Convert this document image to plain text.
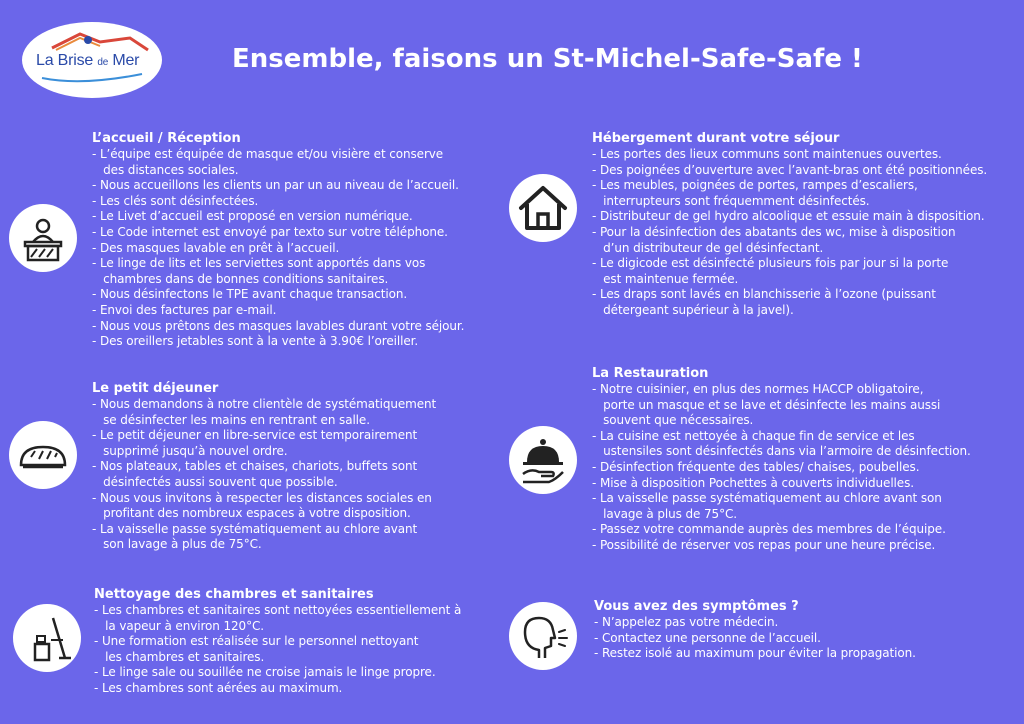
La Brise de Mer	Ensemble, faisons un St-Michel-Safe-Safe !
L’accueil / Réception
- L’équipe est équipée de masque et/ou visière et conserve
des distances sociales.
- Nous accueillons les clients un par un au niveau de l’accueil.
- Les clés sont désinfectées.
- Le Livet d’accueil est proposé en version numérique.
- Le Code internet est envoyé par texto sur votre téléphone.
- Des masques lavable en prêt à l’accueil.
- Le linge de lits et les serviettes sont apportés dans vos
chambres dans de bonnes conditions sanitaires.
- Nous désinfectons le TPE avant chaque transaction.
- Envoi des factures par e-mail.
- Nous vous prêtons des masques lavables durant votre séjour.
- Des oreillers jetables sont à la vente à 3.90€ l’oreiller.
Le petit déjeuner
- Nous demandons à notre clientèle de systématiquement
se désinfecter les mains en rentrant en salle.
- Le petit déjeuner en libre-service est temporairement
supprimé jusqu’à nouvel ordre.
- Nos plateaux, tables et chaises, chariots, buffets sont
désinfectés aussi souvent que possible.
- Nous vous invitons à respecter les distances sociales en
profitant des nombreux espaces à votre disposition.
- La vaisselle passe systématiquement au chlore avant
son lavage à plus de 75°C.
Nettoyage des chambres et sanitaires
- Les chambres et sanitaires sont nettoyées essentiellement à
la vapeur à environ 120°C.
- Une formation est réalisée sur le personnel nettoyant
les chambres et sanitaires.
- Le linge sale ou souillée ne croise jamais le linge propre.
- Les chambres sont aérées au maximum.
Hébergement durant votre séjour
- Les portes des lieux communs sont maintenues ouvertes.
- Des poignées d’ouverture avec l’avant-bras ont été positionnées.
- Les meubles, poignées de portes, rampes d’escaliers,
interrupteurs sont fréquemment désinfectés.
- Distributeur de gel hydro alcoolique et essuie main à disposition.
- Pour la désinfection des abatants des wc, mise à disposition
d’un distributeur de gel désinfectant.
- Le digicode est désinfecté plusieurs fois par jour si la porte
est maintenue fermée.
- Les draps sont lavés en blanchisserie à l’ozone (puissant
détergeant supérieur à la javel).
La Restauration
- Notre cuisinier, en plus des normes HACCP obligatoire,
porte un masque et se lave et désinfecte les mains aussi
souvent que nécessaires.
- La cuisine est nettoyée à chaque fin de service et les
ustensiles sont désinfectés dans via l’armoire de désinfection.
- Désinfection fréquente des tables/ chaises, poubelles.
- Mise à disposition Pochettes à couverts individuelles.
- La vaisselle passe systématiquement au chlore avant son
lavage à plus de 75°C.
- Passez votre commande auprès des membres de l’équipe.
- Possibilité de réserver vos repas pour une heure précise.
Vous avez des symptômes ?
- N’appelez pas votre médecin.
- Contactez une personne de l’accueil.
- Restez isolé au maximum pour éviter la propagation.
